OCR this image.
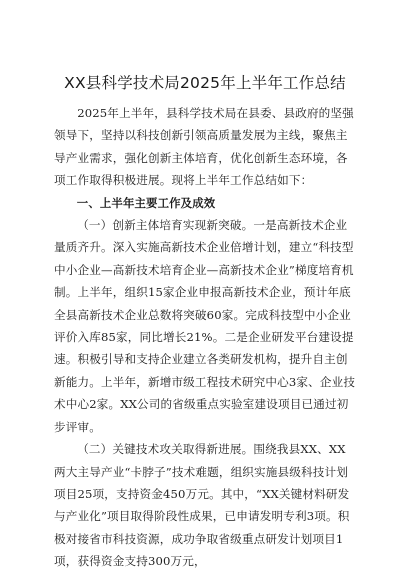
XX县科学技术局2025年上半年工作总结

2025年上半年，县科学技术局在县委、县政府的坚强领导下，坚持以科技创新引领高质量发展为主线，聚焦主导产业需求，强化创新主体培育，优化创新生态环境，各项工作取得积极进展。现将上半年工作总结如下：

一、上半年主要工作及成效

（一）创新主体培育实现新突破。一是高新技术企业量质齐升。深入实施高新技术企业倍增计划，建立“科技型中小企业—高新技术培育企业—高新技术企业”梯度培育机制。上半年，组织15家企业申报高新技术企业，预计年底全县高新技术企业总数将突破60家。完成科技型中小企业评价入库85家，同比增长21%。二是企业研发平台建设提速。积极引导和支持企业建立各类研发机构，提升自主创新能力。上半年，新增市级工程技术研究中心3家、企业技术中心2家。XX公司的省级重点实验室建设项目已通过初步评审。

（二）关键技术攻关取得新进展。围绕我县XX、XX两大主导产业“卡脖子”技术难题，组织实施县级科技计划项目25项，支持资金450万元。其中，“XX关键材料研发与产业化”项目取得阶段性成果，已申请发明专利3项。积极对接省市科技资源，成功争取省级重点研发计划项目1项，获得资金支持300万元，
